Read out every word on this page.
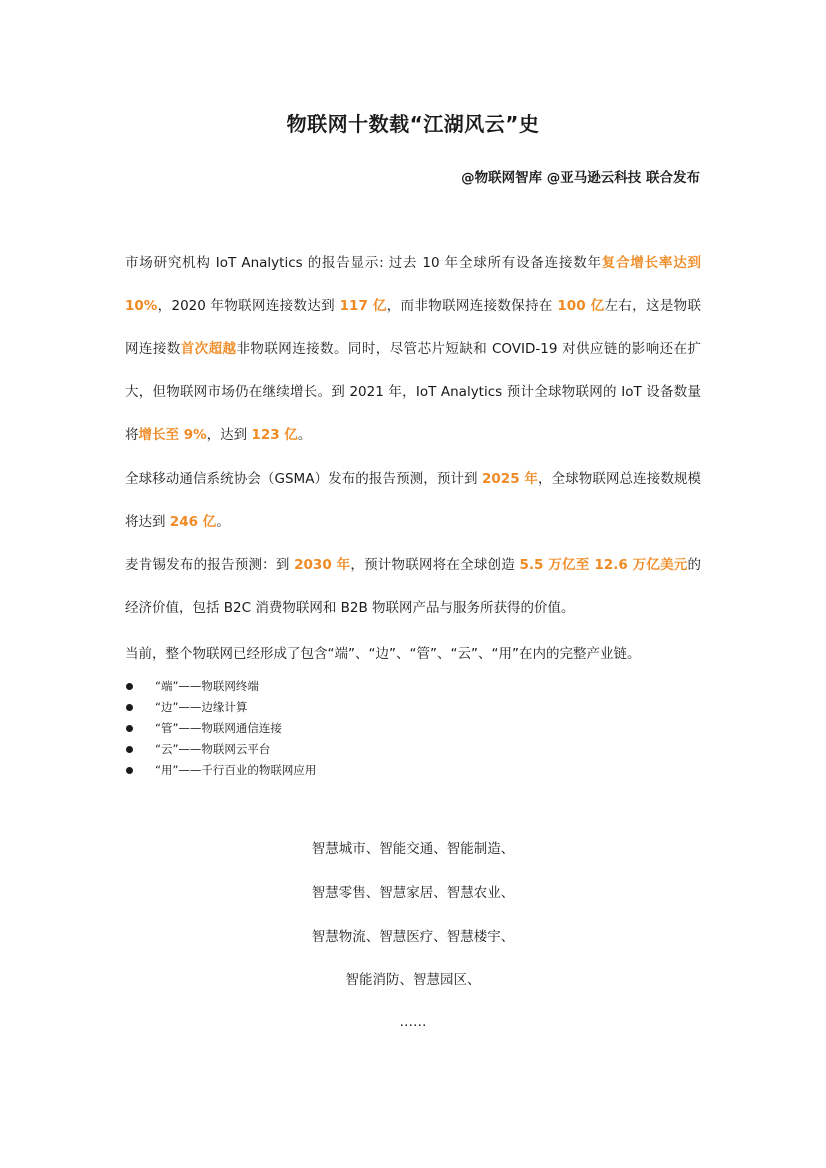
物联网十数载“江湖风云”史
@物联网智库 @亚马逊云科技 联合发布
市场研究机构 IoT Analytics 的报告显示: 过去 10 年全球所有设备连接数年复合增长率达到 10%，2020 年物联网连接数达到 117 亿，而非物联网连接数保持在 100 亿左右，这是物联网连接数首次超越非物联网连接数。同时，尽管芯片短缺和 COVID-19 对供应链的影响还在扩大，但物联网市场仍在继续增长。到 2021 年，IoT Analytics 预计全球物联网的 IoT 设备数量将增长至 9%，达到 123 亿。
全球移动通信系统协会（GSMA）发布的报告预测，预计到 2025 年，全球物联网总连接数规模将达到 246 亿。
麦肯锡发布的报告预测：到 2030 年，预计物联网将在全球创造 5.5 万亿至 12.6 万亿美元的经济价值，包括 B2C 消费物联网和 B2B 物联网产品与服务所获得的价值。
当前，整个物联网已经形成了包含“端”、“边”、“管”、“云”、“用”在内的完整产业链。
“端”——物联网终端
“边”——边缘计算
“管”——物联网通信连接
“云”——物联网云平台
“用”——千行百业的物联网应用
智慧城市、智能交通、智能制造、
智慧零售、智慧家居、智慧农业、
智慧物流、智慧医疗、智慧楼宇、
智能消防、智慧园区、
……
